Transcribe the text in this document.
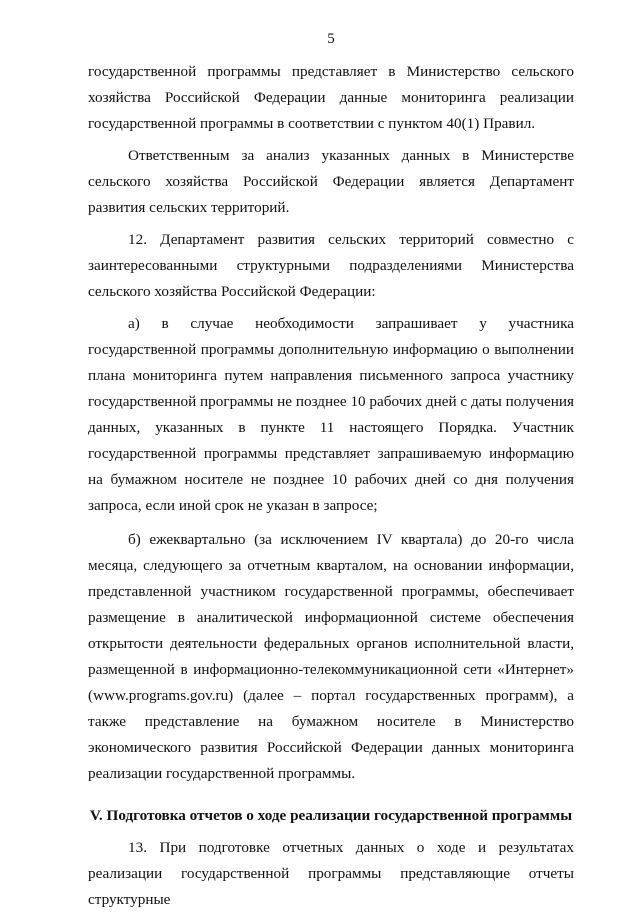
5

государственной программы представляет в Министерство сельского хозяйства Российской Федерации данные мониторинга реализации государственной программы в соответствии с пунктом 40(1) Правил.

Ответственным за анализ указанных данных в Министерстве сельского хозяйства Российской Федерации является Департамент развития сельских территорий.

12. Департамент развития сельских территорий совместно с заинтересованными структурными подразделениями Министерства сельского хозяйства Российской Федерации:

а) в случае необходимости запрашивает у участника государственной программы дополнительную информацию о выполнении плана мониторинга путем направления письменного запроса участнику государственной программы не позднее 10 рабочих дней с даты получения данных, указанных в пункте 11 настоящего Порядка. Участник государственной программы представляет запрашиваемую информацию на бумажном носителе не позднее 10 рабочих дней со дня получения запроса, если иной срок не указан в запросе;

б) ежеквартально (за исключением IV квартала) до 20-го числа месяца, следующего за отчетным кварталом, на основании информации, представленной участником государственной программы, обеспечивает размещение в аналитической информационной системе обеспечения открытости деятельности федеральных органов исполнительной власти, размещенной в информационно-телекоммуникационной сети «Интернет» (www.programs.gov.ru) (далее – портал государственных программ), а также представление на бумажном носителе в Министерство экономического развития Российской Федерации данных мониторинга реализации государственной программы.

V. Подготовка отчетов о ходе реализации государственной программы

13. При подготовке отчетных данных о ходе и результатах реализации государственной программы представляющие отчеты структурные
